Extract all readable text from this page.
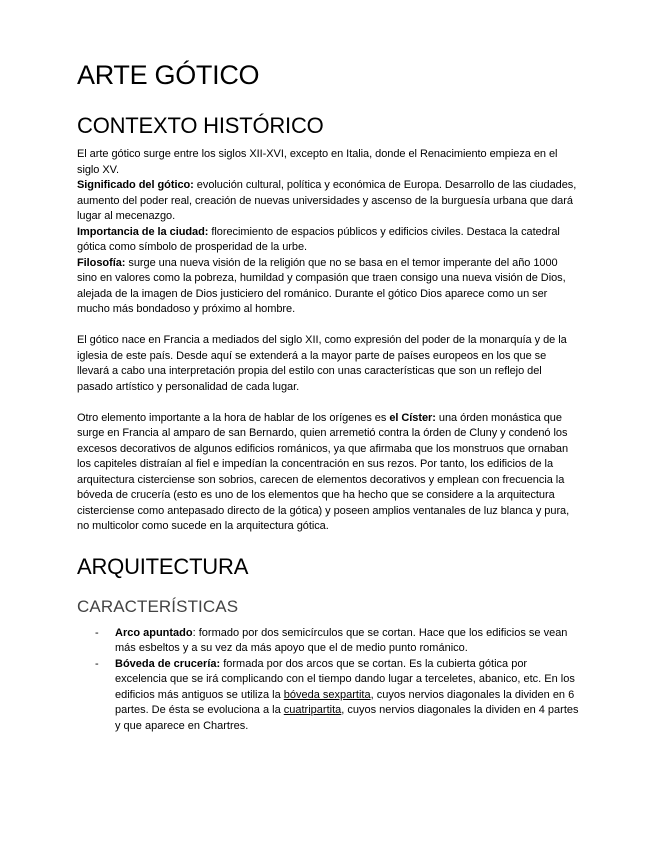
ARTE GÓTICO
CONTEXTO HISTÓRICO

El arte gótico surge entre los siglos XII-XVI, excepto en Italia, donde el Renacimiento empieza en el siglo XV.

Significado del gótico: evolución cultural, política y económica de Europa. Desarrollo de las ciudades, aumento del poder real, creación de nuevas universidades y ascenso de la burguesía urbana que dará lugar al mecenazgo.

Importancia de la ciudad: florecimiento de espacios públicos y edificios civiles. Destaca la catedral gótica como símbolo de prosperidad de la urbe.

Filosofía: surge una nueva visión de la religión que no se basa en el temor imperante del año 1000 sino en valores como la pobreza, humildad y compasión que traen consigo una nueva visión de Dios, alejada de la imagen de Dios justiciero del románico. Durante el gótico Dios aparece como un ser mucho más bondadoso y próximo al hombre.

El gótico nace en Francia a mediados del siglo XII, como expresión del poder de la monarquía y de la iglesia de este país. Desde aquí se extenderá a la mayor parte de países europeos en los que se llevará a cabo una interpretación propia del estilo con unas características que son un reflejo del pasado artístico y personalidad de cada lugar.

Otro elemento importante a la hora de hablar de los orígenes es el Císter: una órden monástica que surge en Francia al amparo de san Bernardo, quien arremetió contra la órden de Cluny y condenó los excesos decorativos de algunos edificios románicos, ya que afirmaba que los monstruos que ornaban los capiteles distraían al fiel e impedían la concentración en sus rezos. Por tanto, los edificios de la arquitectura cisterciense son sobrios, carecen de elementos decorativos y emplean con frecuencia la bóveda de crucería (esto es uno de los elementos que ha hecho que se considere a la arquitectura cisterciense como antepasado directo de la gótica) y poseen amplios ventanales de luz blanca y pura, no multicolor como sucede en la arquitectura gótica.

ARQUITECTURA
CARACTERÍSTICAS
- Arco apuntado: formado por dos semicírculos que se cortan. Hace que los edificios se vean más esbeltos y a su vez da más apoyo que el de medio punto románico.
- Bóveda de crucería: formada por dos arcos que se cortan. Es la cubierta gótica por excelencia que se irá complicando con el tiempo dando lugar a terceletes, abanico, etc. En los edificios más antiguos se utiliza la bóveda sexpartita, cuyos nervios diagonales la dividen en 6 partes. De ésta se evoluciona a la cuatripartita, cuyos nervios diagonales la dividen en 4 partes y que aparece en Chartres.
